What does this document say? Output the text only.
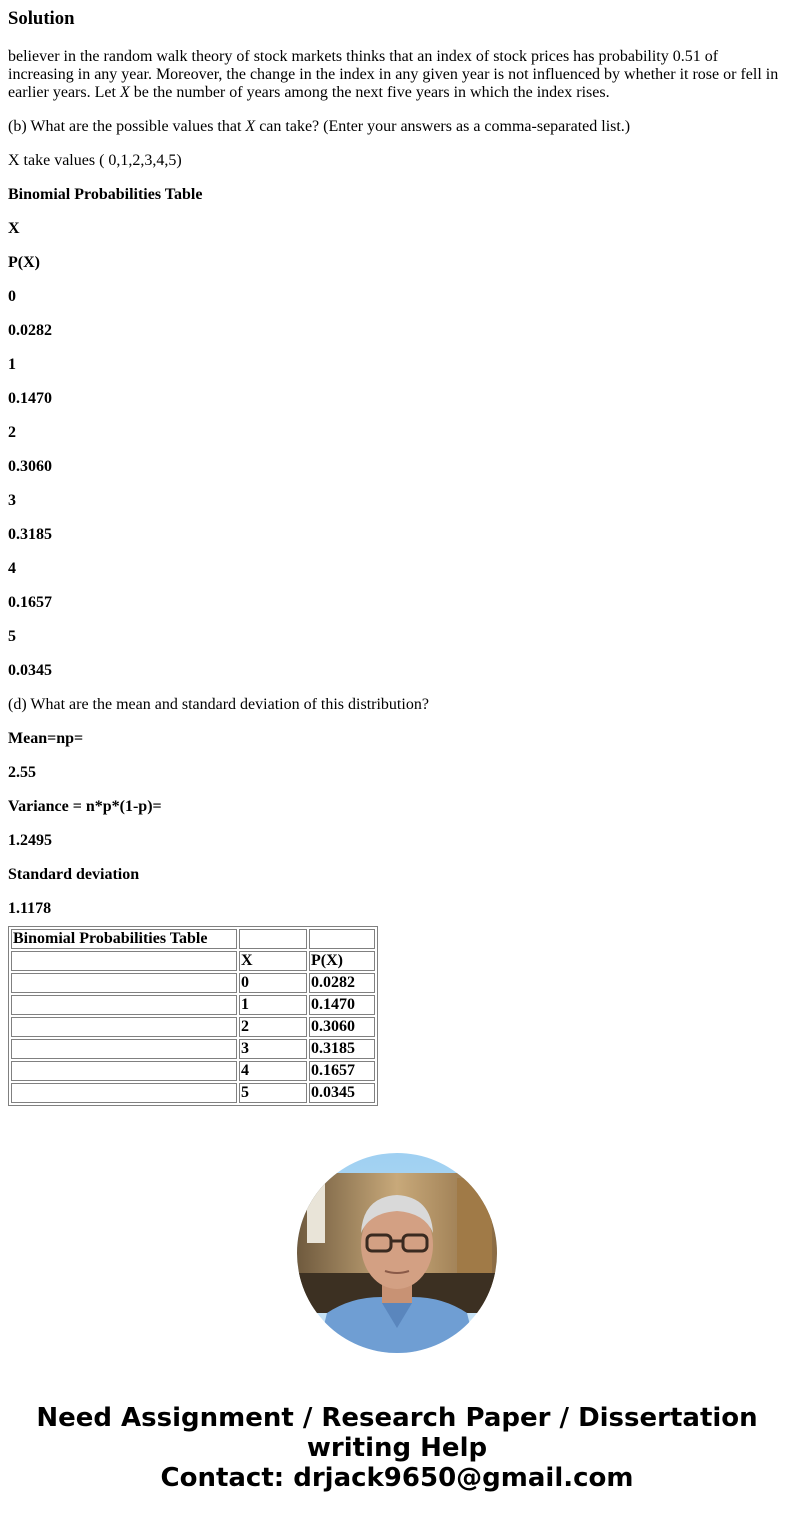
Solution

believer in the random walk theory of stock markets thinks that an index of stock prices has probability 0.51 of increasing in any year. Moreover, the change in the index in any given year is not influenced by whether it rose or fell in earlier years. Let X be the number of years among the next five years in which the index rises.

(b) What are the possible values that X can take? (Enter your answers as a comma-separated list.)

X take values ( 0,1,2,3,4,5)

Binomial Probabilities Table

X

P(X)

0

0.0282

1

0.1470

2

0.3060

3

0.3185

4

0.1657

5

0.0345

(d) What are the mean and standard deviation of this distribution?

Mean=np=

2.55

Variance = n*p*(1-p)=

1.2495

Standard deviation

1.1178

Binomial Probabilities Table		
	X	P(X)
	0	0.0282
	1	0.1470
	2	0.3060
	3	0.3185
	4	0.1657
	5	0.0345
Need Assignment / Research Paper / Dissertation
writing Help
Contact: drjack9650@gmail.com
